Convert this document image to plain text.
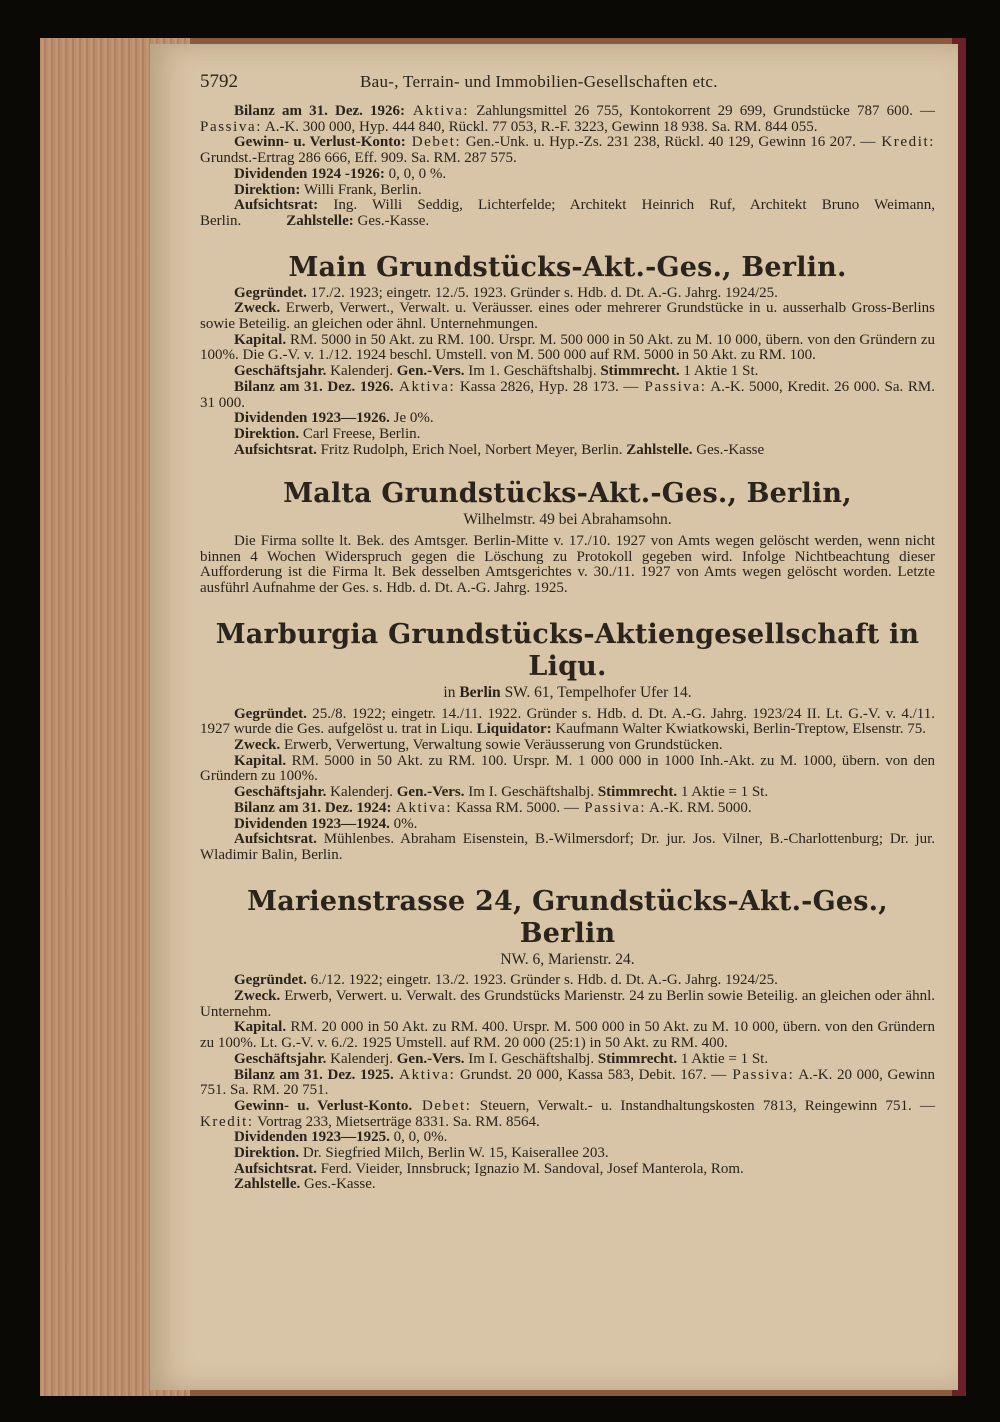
5792	Bau-, Terrain- und Immobilien-Gesellschaften etc.

Bilanz am 31. Dez. 1926: Aktiva: Zahlungsmittel 26 755, Kontokorrent 29 699, Grundstücke 787 600. — Passiva: A.-K. 300 000, Hyp. 444 840, Rückl. 77 053, R.-F. 3223, Gewinn 18 938. Sa. RM. 844 055.

Gewinn- u. Verlust-Konto: Debet: Gen.-Unk. u. Hyp.-Zs. 231 238, Rückl. 40 129, Gewinn 16 207. — Kredit: Grundst.-Ertrag 286 666, Eff. 909. Sa. RM. 287 575.

Dividenden 1924 -1926: 0, 0, 0 %.

Direktion: Willi Frank, Berlin.

Aufsichtsrat: Ing. Willi Seddig, Lichterfelde; Architekt Heinrich Ruf, Architekt Bruno Weimann, Berlin.	Zahlstelle: Ges.-Kasse.

Main Grundstücks-Akt.-Ges., Berlin.

Gegründet. 17./2. 1923; eingetr. 12./5. 1923. Gründer s. Hdb. d. Dt. A.-G. Jahrg. 1924/25.

Zweck. Erwerb, Verwert., Verwalt. u. Veräusser. eines oder mehrerer Grundstücke in u. ausserhalb Gross-Berlins sowie Beteilig. an gleichen oder ähnl. Unternehmungen.

Kapital. RM. 5000 in 50 Akt. zu RM. 100. Urspr. M. 500 000 in 50 Akt. zu M. 10 000, übern. von den Gründern zu 100%. Die G.-V. v. 1./12. 1924 beschl. Umstell. von M. 500 000 auf RM. 5000 in 50 Akt. zu RM. 100.

Geschäftsjahr. Kalenderj. Gen.-Vers. Im 1. Geschäftshalbj. Stimmrecht. 1 Aktie 1 St.

Bilanz am 31. Dez. 1926. Aktiva: Kassa 2826, Hyp. 28 173. — Passiva: A.-K. 5000, Kredit. 26 000. Sa. RM. 31 000.

Dividenden 1923—1926. Je 0%.

Direktion. Carl Freese, Berlin.

Aufsichtsrat. Fritz Rudolph, Erich Noel, Norbert Meyer, Berlin. Zahlstelle. Ges.-Kasse

Malta Grundstücks-Akt.-Ges., Berlin,
Wilhelmstr. 49 bei Abrahamsohn.

Die Firma sollte lt. Bek. des Amtsger. Berlin-Mitte v. 17./10. 1927 von Amts wegen gelöscht werden, wenn nicht binnen 4 Wochen Widerspruch gegen die Löschung zu Protokoll gegeben wird. Infolge Nichtbeachtung dieser Aufforderung ist die Firma lt. Bek desselben Amtsgerichtes v. 30./11. 1927 von Amts wegen gelöscht worden. Letzte ausführl Aufnahme der Ges. s. Hdb. d. Dt. A.-G. Jahrg. 1925.

Marburgia Grundstücks-Aktiengesellschaft in Liqu.
in Berlin SW. 61, Tempelhofer Ufer 14.

Gegründet. 25./8. 1922; eingetr. 14./11. 1922. Gründer s. Hdb. d. Dt. A.-G. Jahrg. 1923/24 II. Lt. G.-V. v. 4./11. 1927 wurde die Ges. aufgelöst u. trat in Liqu. Liquidator: Kaufmann Walter Kwiatkowski, Berlin-Treptow, Elsenstr. 75.

Zweck. Erwerb, Verwertung, Verwaltung sowie Veräusserung von Grundstücken.

Kapital. RM. 5000 in 50 Akt. zu RM. 100. Urspr. M. 1 000 000 in 1000 Inh.-Akt. zu M. 1000, übern. von den Gründern zu 100%.

Geschäftsjahr. Kalenderj. Gen.-Vers. Im I. Geschäftshalbj. Stimmrecht. 1 Aktie = 1 St.

Bilanz am 31. Dez. 1924: Aktiva: Kassa RM. 5000. — Passiva: A.-K. RM. 5000.

Dividenden 1923—1924. 0%.

Aufsichtsrat. Mühlenbes. Abraham Eisenstein, B.-Wilmersdorf; Dr. jur. Jos. Vilner, B.-Charlottenburg; Dr. jur. Wladimir Balin, Berlin.

Marienstrasse 24, Grundstücks-Akt.-Ges., Berlin
NW. 6, Marienstr. 24.

Gegründet. 6./12. 1922; eingetr. 13./2. 1923. Gründer s. Hdb. d. Dt. A.-G. Jahrg. 1924/25.

Zweck. Erwerb, Verwert. u. Verwalt. des Grundstücks Marienstr. 24 zu Berlin sowie Beteilig. an gleichen oder ähnl. Unternehm.

Kapital. RM. 20 000 in 50 Akt. zu RM. 400. Urspr. M. 500 000 in 50 Akt. zu M. 10 000, übern. von den Gründern zu 100%. Lt. G.-V. v. 6./2. 1925 Umstell. auf RM. 20 000 (25:1) in 50 Akt. zu RM. 400.

Geschäftsjahr. Kalenderj. Gen.-Vers. Im I. Geschäftshalbj. Stimmrecht. 1 Aktie = 1 St.

Bilanz am 31. Dez. 1925. Aktiva: Grundst. 20 000, Kassa 583, Debit. 167. — Passiva: A.-K. 20 000, Gewinn 751. Sa. RM. 20 751.

Gewinn- u. Verlust-Konto. Debet: Steuern, Verwalt.- u. Instandhaltungskosten 7813, Reingewinn 751. — Kredit: Vortrag 233, Mietserträge 8331. Sa. RM. 8564.

Dividenden 1923—1925. 0, 0, 0%.

Direktion. Dr. Siegfried Milch, Berlin W. 15, Kaiserallee 203.

Aufsichtsrat. Ferd. Vieider, Innsbruck; Ignazio M. Sandoval, Josef Manterola, Rom.

Zahlstelle. Ges.-Kasse.
